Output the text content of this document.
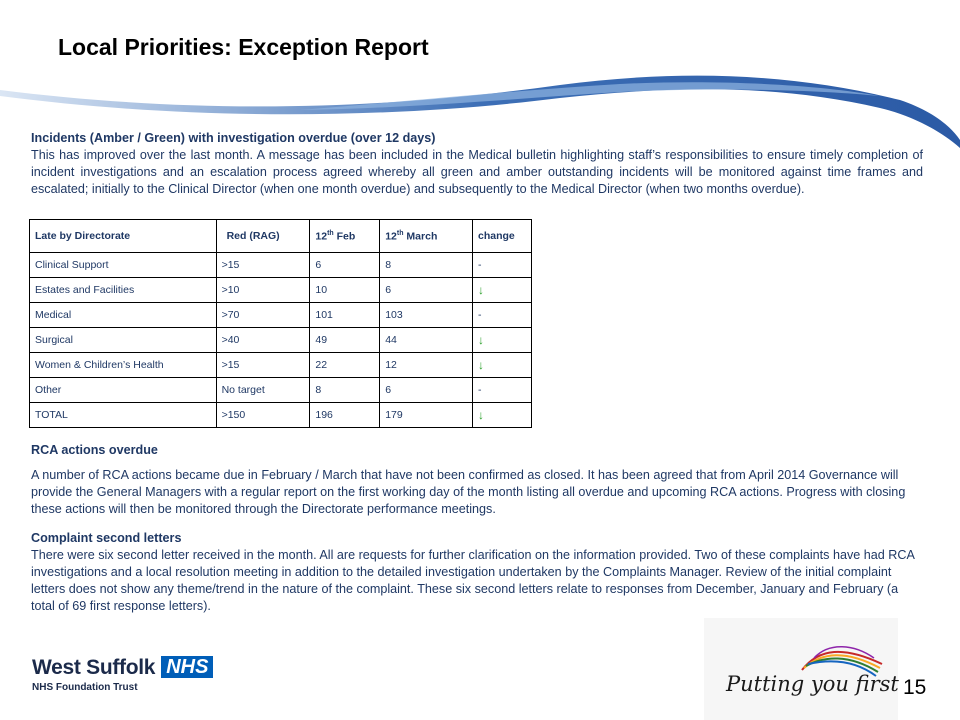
Local Priorities: Exception Report
Incidents (Amber / Green) with investigation overdue (over 12 days)
This has improved over the last month. A message has been included in the Medical bulletin highlighting staff’s responsibilities to ensure timely completion of incident investigations and an escalation process agreed whereby all green and amber outstanding incidents will be monitored against time frames and escalated; initially to the Clinical Director (when one month overdue) and subsequently to the Medical Director (when two months overdue).
Late by Directorate	Red (RAG)	12th Feb	12th March	change
Clinical Support	>15	6	8	-
Estates and Facilities	>10	10	6	↓
Medical	>70	101	103	-
Surgical	>40	49	44	↓
Women & Children’s Health	>15	22	12	↓
Other	No target	8	6	-
TOTAL	>150	196	179	↓
RCA actions overdue

A number of RCA actions became due in February / March that have not been confirmed as closed. It has been agreed that from April 2014 Governance will provide the General Managers with a regular report on the first working day of the month listing all overdue and upcoming RCA actions. Progress with closing these actions will then be monitored through the Directorate performance meetings.

Complaint second letters

There were six second letter received in the month. All are requests for further clarification on the information provided. Two of these complaints have had RCA investigations and a local resolution meeting in addition to the detailed investigation undertaken by the Complaints Manager. Review of the initial complaint letters does not show any theme/trend in the nature of the complaint. These six second letters relate to responses from December, January and February (a total of 69 first response letters).

West Suffolk NHS
NHS Foundation Trust	Putting you first 15
